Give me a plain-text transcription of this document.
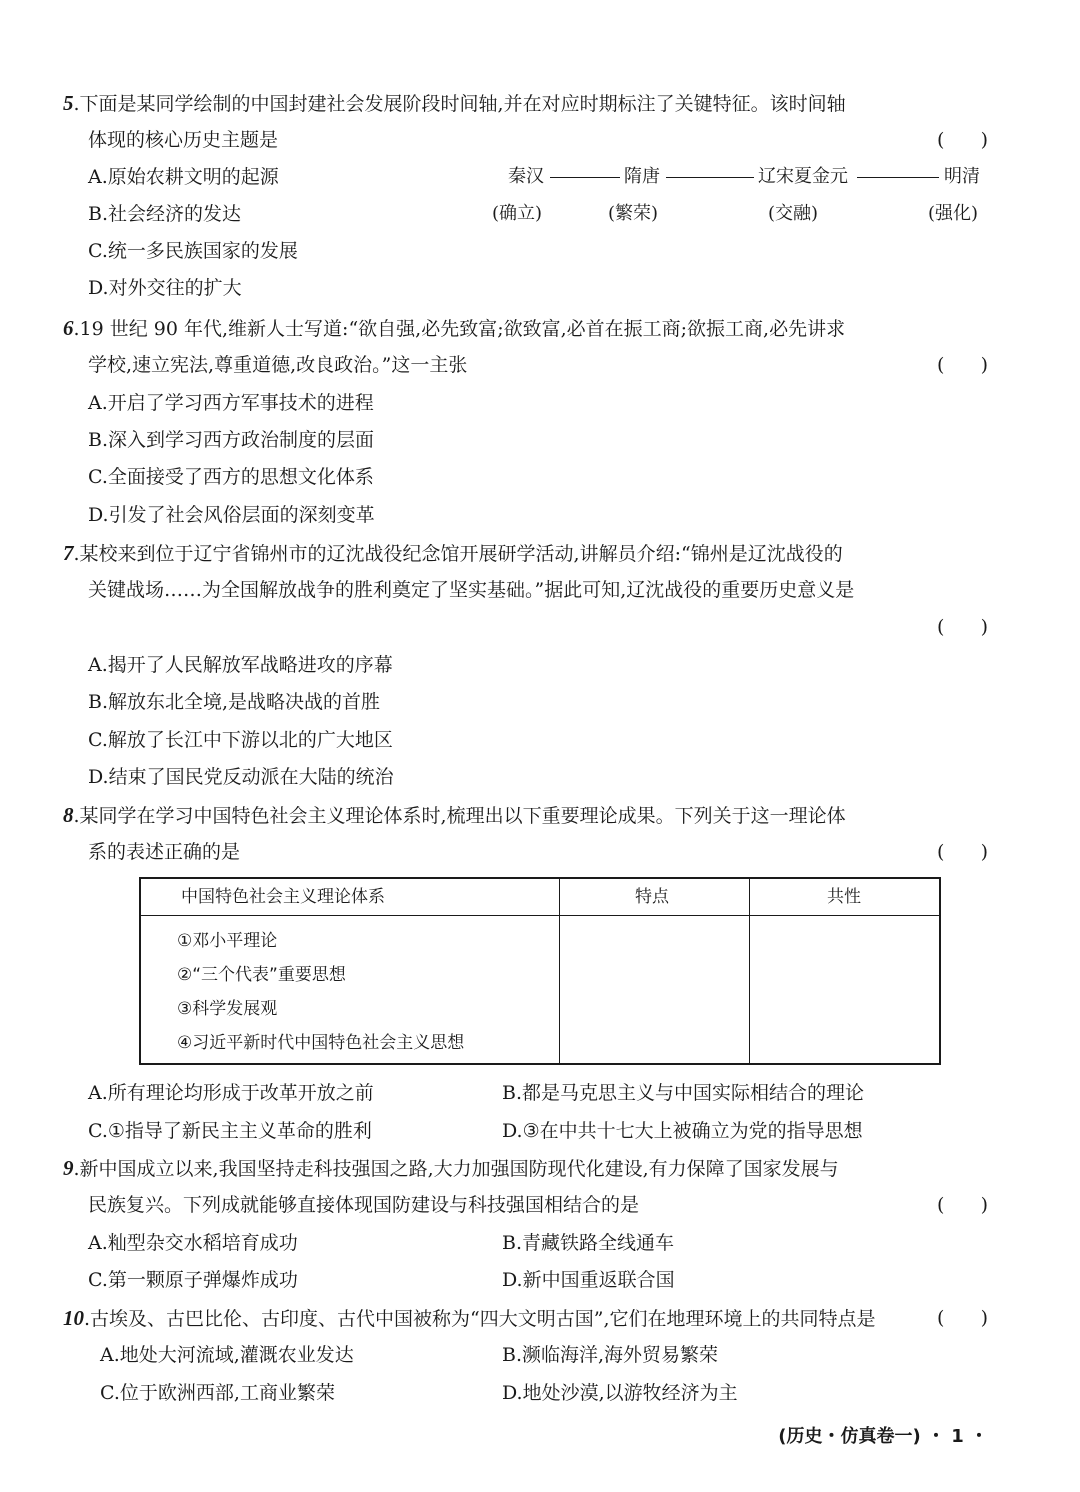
5.下面是某同学绘制的中国封建社会发展阶段时间轴,并在对应时期标注了关键特征。该时间轴
体现的核心历史主题是	(      )
A.原始农耕文明的起源
B.社会经济的发达
C.统一多民族国家的发展
D.对外交往的扩大
秦汉	隋唐	辽宋夏金元	明清
(确立)	(繁荣)	(交融)	(强化)
6.19 世纪 90 年代,维新人士写道:“欲自强,必先致富;欲致富,必首在振工商;欲振工商,必先讲求
学校,速立宪法,尊重道德,改良政治。”这一主张	(      )
A.开启了学习西方军事技术的进程
B.深入到学习西方政治制度的层面
C.全面接受了西方的思想文化体系
D.引发了社会风俗层面的深刻变革
7.某校来到位于辽宁省锦州市的辽沈战役纪念馆开展研学活动,讲解员介绍:“锦州是辽沈战役的
关键战场……为全国解放战争的胜利奠定了坚实基础。”据此可知,辽沈战役的重要历史意义是
(      )
A.揭开了人民解放军战略进攻的序幕
B.解放东北全境,是战略决战的首胜
C.解放了长江中下游以北的广大地区
D.结束了国民党反动派在大陆的统治
8.某同学在学习中国特色社会主义理论体系时,梳理出以下重要理论成果。下列关于这一理论体
系的表述正确的是	(      )
中国特色社会主义理论体系	特点	共性
①邓小平理论
②“三个代表”重要思想
③科学发展观
④习近平新时代中国特色社会主义思想
A.所有理论均形成于改革开放之前	B.都是马克思主义与中国实际相结合的理论
C.①指导了新民主主义革命的胜利	D.③在中共十七大上被确立为党的指导思想
9.新中国成立以来,我国坚持走科技强国之路,大力加强国防现代化建设,有力保障了国家发展与
民族复兴。下列成就能够直接体现国防建设与科技强国相结合的是	(      )
A.籼型杂交水稻培育成功	B.青藏铁路全线通车
C.第一颗原子弹爆炸成功	D.新中国重返联合国
10.古埃及、古巴比伦、古印度、古代中国被称为“四大文明古国”,它们在地理环境上的共同特点是	(      )
A.地处大河流域,灌溉农业发达	B.濒临海洋,海外贸易繁荣
C.位于欧洲西部,工商业繁荣	D.地处沙漠,以游牧经济为主
(历史・仿真卷一) ・ 1 ・
